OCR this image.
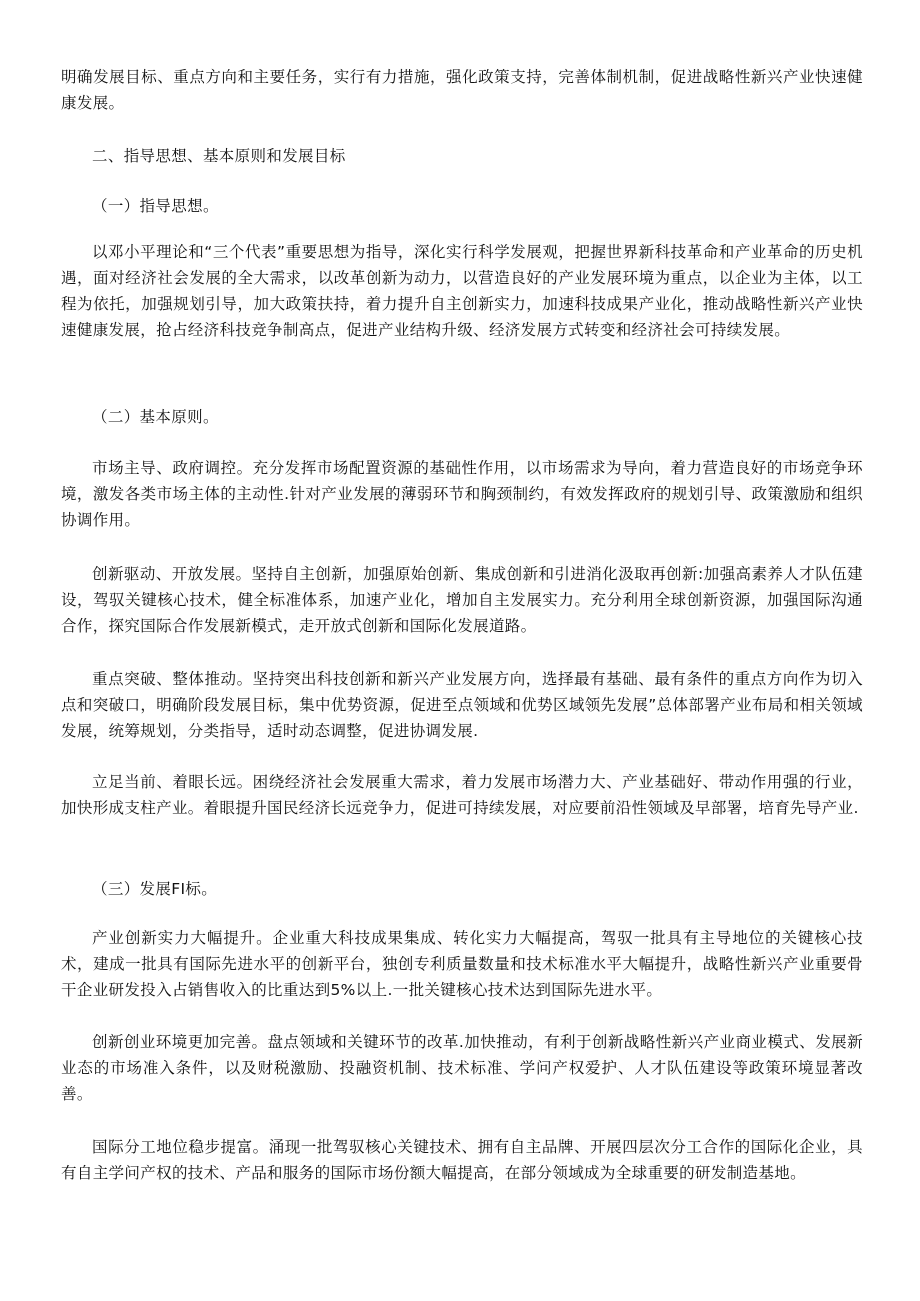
明确发展目标、重点方向和主要任务，实行有力措施，强化政策支持，完善体制机制，促进战略性新兴产业快速健康发展。

二、指导思想、基本原则和发展目标

（一）指导思想。

以邓小平理论和“三个代表”重要思想为指导，深化实行科学发展观，把握世界新科技革命和产业革命的历史机遇，面对经济社会发展的全大需求，以改革创新为动力，以营造良好的产业发展环境为重点，以企业为主体，以工程为依托，加强规划引导，加大政策扶持，着力提升自主创新实力，加速科技成果产业化，推动战略性新兴产业快速健康发展，抢占经济科技竞争制高点，促进产业结构升级、经济发展方式转变和经济社会可持续发展。

（二）基本原则。

市场主导、政府调控。充分发挥市场配置资源的基础性作用，以市场需求为导向，着力营造良好的市场竞争环境，激发各类市场主体的主动性.针对产业发展的薄弱环节和胸颈制约，有效发挥政府的规划引导、政策激励和组织协调作用。

创新驱动、开放发展。坚持自主创新，加强原始创新、集成创新和引进消化汲取再创新:加强高素养人才队伍建设，驾驭关键核心技术，健全标准体系，加速产业化，增加自主发展实力。充分利用全球创新资源，加强国际沟通合作，探究国际合作发展新模式，走开放式创新和国际化发展道路。

重点突破、整体推动。坚持突出科技创新和新兴产业发展方向，选择最有基础、最有条件的重点方向作为切入点和突破口，明确阶段发展目标，集中优势资源，促进至点领域和优势区域领先发展”总体部署产业布局和相关领域发展，统筹规划，分类指导，适时动态调整，促进协调发展.

立足当前、着眼长远。困绕经济社会发展重大需求，着力发展市场潜力大、产业基础好、带动作用强的行业，加快形成支柱产业。着眼提升国民经济长远竞争力，促进可持续发展，对应要前沿性领域及早部署，培育先导产业.

（三）发展FI标。

产业创新实力大幅提升。企业重大科技成果集成、转化实力大幅提高，驾驭一批具有主导地位的关键核心技术，建成一批具有国际先进水平的创新平台，独创专利质量数量和技术标准水平大幅提升，战略性新兴产业重要骨干企业研发投入占销售收入的比重达到5%以上.一批关键核心技术达到国际先进水平。

创新创业环境更加完善。盘点领域和关键环节的改革.加快推动，有利于创新战略性新兴产业商业模式、发展新业态的市场准入条件，以及财税激励、投融资机制、技术标准、学问产权爱护、人才队伍建设等政策环境显著改善。

国际分工地位稳步提富。涌现一批驾驭核心关键技术、拥有自主品牌、开展四层次分工合作的国际化企业，具有自主学问产权的技术、产品和服务的国际市场份额大幅提高，在部分领域成为全球重要的研发制造基地。
